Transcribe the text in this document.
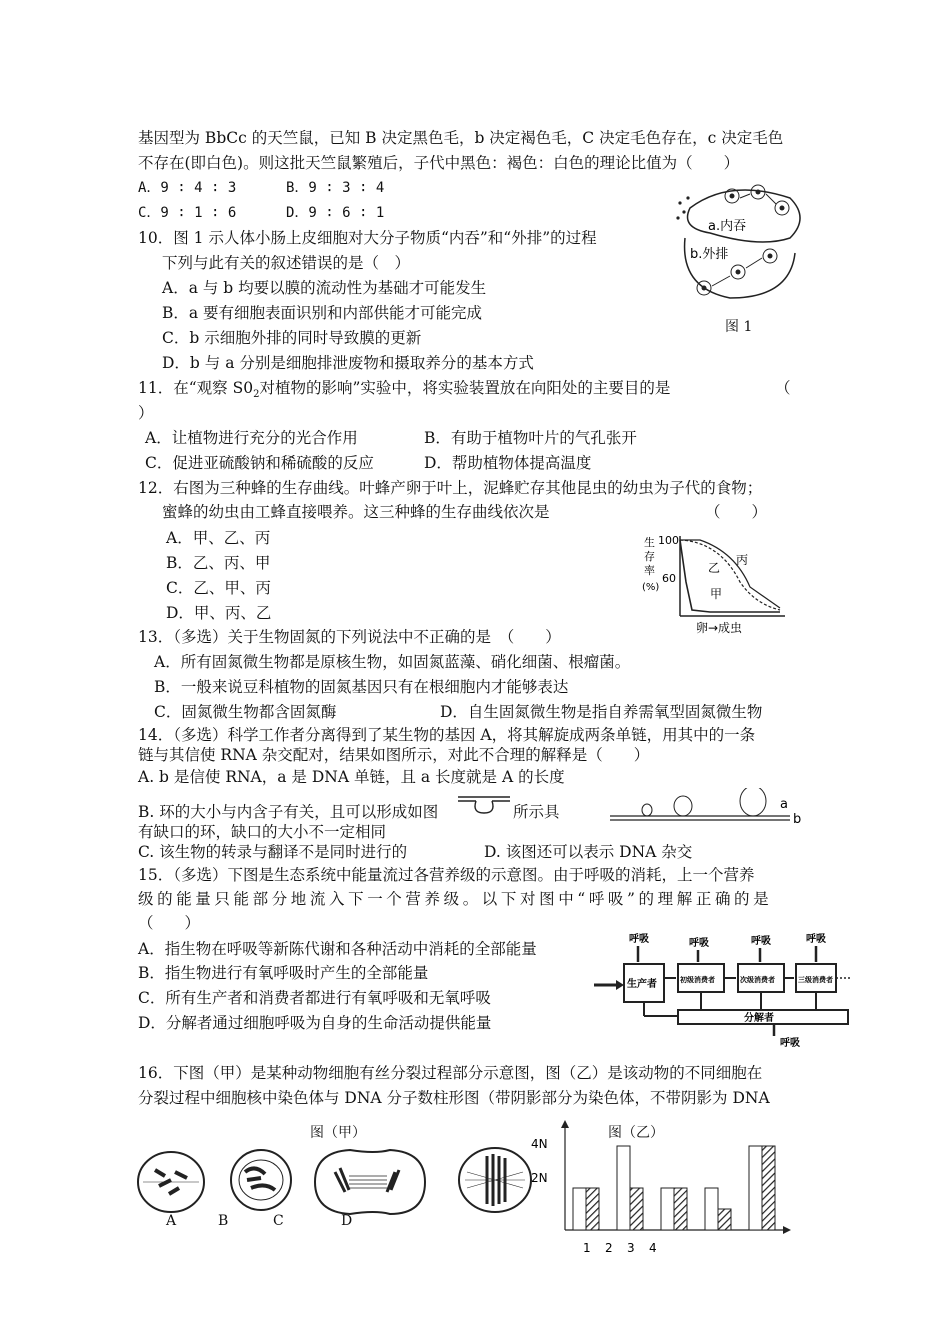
基因型为 BbCc 的天竺鼠，已知 B 决定黑色毛，b 决定褐色毛，C 决定毛色存在，c 决定毛色
不存在(即白色)。则这批天竺鼠繁殖后，子代中黑色：褐色：白色的理论比值为（　　）
A．9 ∶ 4 ∶ 3	B．9 ∶ 3 ∶ 4
C．9 ∶ 1 ∶ 6	D．9 ∶ 6 ∶ 1
10．图 1 示人体小肠上皮细胞对大分子物质“内吞”和“外排”的过程
下列与此有关的叙述错误的是（　）
A．a 与 b 均要以膜的流动性为基础才可能发生
B．a 要有细胞表面识别和内部供能才可能完成
C．b 示细胞外排的同时导致膜的更新
D．b 与 a 分别是细胞排泄废物和摄取养分的基本方式
a.内吞
b.外排
图 1
11．在“观察 $S0_2$对植物的影响”实验中，将实验装置放在向阳处的主要目的是	（
）
A．让植物进行充分的光合作用	B．有助于植物叶片的气孔张开
C．促进亚硫酸钠和稀硫酸的反应	D．帮助植物体提高温度
12．右图为三种蜂的生存曲线。叶蜂产卵于叶上，泥蜂贮存其他昆虫的幼虫为子代的食物；
蜜蜂的幼虫由工蜂直接喂养。这三种蜂的生存曲线依次是	（　　）
A．甲、乙、丙
B．乙、丙、甲
C．乙、甲、丙
D．甲、丙、乙
生
存
率
(%)
100
60
乙
丙
甲
卵→成虫
13．（多选）关于生物固氮的下列说法中不正确的是　（　　）
A．所有固氮微生物都是原核生物，如固氮蓝藻、硝化细菌、根瘤菌。
B．一般来说豆科植物的固氮基因只有在根细胞内才能够表达
C．固氮微生物都含固氮酶	D．自生固氮微生物是指自养需氧型固氮微生物
14．（多选）科学工作者分离得到了某生物的基因 A，将其解旋成两条单链，用其中的一条
链与其信使 RNA 杂交配对，结果如图所示，对此不合理的解释是（　　）
A. b 是信使 RNA，a 是 DNA 单链，且 a 长度就是 A 的长度
B. 环的大小与内含子有关，且可以形成如图	所示具
有缺口的环，缺口的大小不一定相同
C. 该生物的转录与翻译不是同时进行的	D. 该图还可以表示 DNA 杂交
a
b
15．（多选）下图是生态系统中能量流过各营养级的示意图。由于呼吸的消耗，上一个营养
级的能量只能部分地流入下一个营养级。以下对图中“呼吸”的理解正确的是
（　　）
A．指生物在呼吸等新陈代谢和各种活动中消耗的全部能量
B．指生物进行有氧呼吸时产生的全部能量
C．所有生产者和消费者都进行有氧呼吸和无氧呼吸
D．分解者通过细胞呼吸为自身的生命活动提供能量
呼吸	呼吸	呼吸	呼吸
生产者	初级消费者	次级消费者	三级消费者
分解者
呼吸
16．下图（甲）是某种动物细胞有丝分裂过程部分示意图，图（乙）是该动物的不同细胞在
分裂过程中细胞核中染色体与 DNA 分子数柱形图（带阴影部分为染色体，不带阴影为 DNA
图（甲）	图（乙）
A	B	C	D
4N
2N
1 2 3 4
